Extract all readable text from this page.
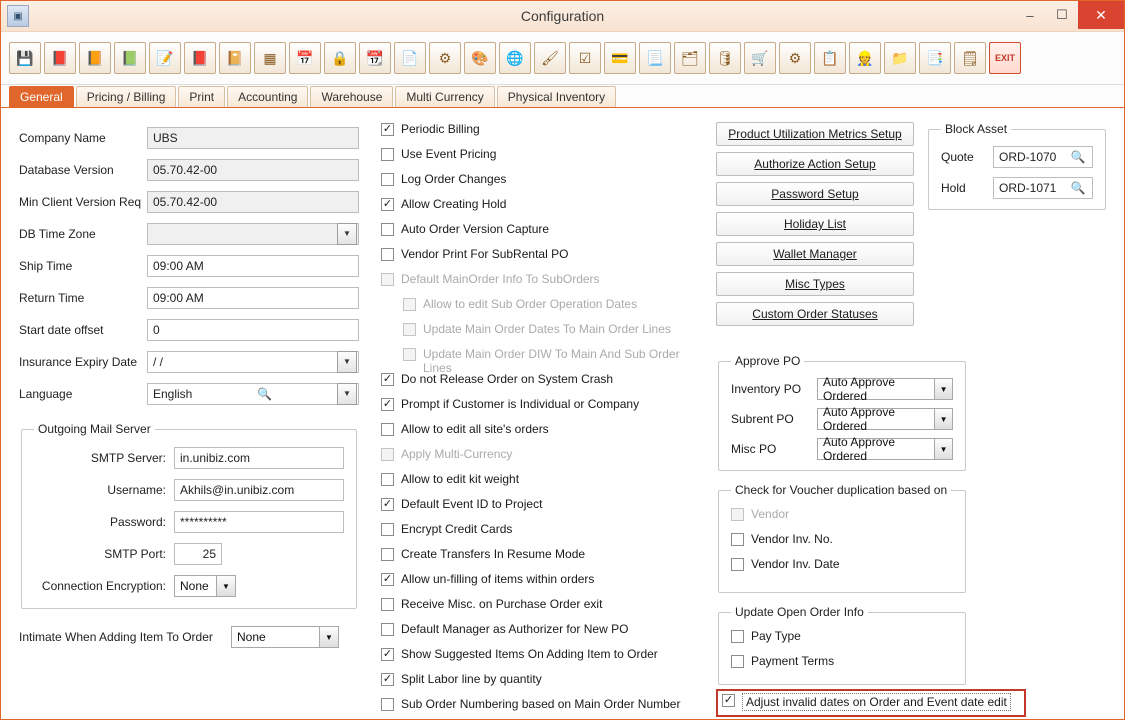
▣	Configuration	–	☐	✕
💾 📕 📙 📗 📝 📕 📔 ▦ 📅 🔒 📆 📄 ⚙ 🎨 🌐 🖌 ☑ 💳 📃 🗂 🛢 🛒 ⚙ 📋 👷 📁 📑 🗒 EXIT
General	Pricing / Billing	Print	Accounting	Warehouse	Multi Currency	Physical Inventory
Company Name	UBS
Database Version	05.70.42-00
Min Client Version Req 05.70.42-00
DB Time Zone	▼
Ship Time	09:00 AM
Return Time	09:00 AM
Start date offset	0
Insurance Expiry Date	/ /	▼
Language	English	🔍	▼
Outgoing Mail Server
SMTP Server:	in.unibiz.com
Username:	Akhils@in.unibiz.com
Password:	**********
SMTP Port:	25
Connection Encryption:	None	▼
Intimate When Adding Item To Order	None	▼
✓ Periodic Billing
Use Event Pricing
Log Order Changes
✓ Allow Creating Hold
Auto Order Version Capture
Vendor Print For SubRental PO
Default MainOrder Info To SubOrders
Allow to edit Sub Order Operation Dates
Update Main Order Dates To Main Order Lines
Update Main Order DIW To Main And Sub Order Lines
✓ Do not Release Order on System Crash
✓ Prompt if Customer is Individual or Company
Allow to edit all site's orders
Apply Multi-Currency
Allow to edit kit weight
✓ Default Event ID to Project
Encrypt Credit Cards
Create Transfers In Resume Mode
✓ Allow un-filling of items within orders
Receive Misc. on Purchase Order exit
Default Manager as Authorizer for New PO
✓ Show Suggested Items On Adding Item to Order
✓ Split Labor line by quantity
Sub Order Numbering based on Main Order Number
Product Utilization Metrics Setup
Authorize Action Setup
Password Setup
Holiday List
Wallet Manager
Misc Types
Custom Order Statuses
Block Asset
Quote	ORD-1070 🔍
Hold	ORD-1071 🔍
Approve PO
Inventory PO	Auto Approve Ordered	▼
Subrent PO	Auto Approve Ordered	▼
Misc PO	Auto Approve Ordered	▼
Check for Voucher duplication based on
Vendor
Vendor Inv. No.
Vendor Inv. Date
Update Open Order Info
Pay Type
Payment Terms
✓	Adjust invalid dates on Order and Event date edit
